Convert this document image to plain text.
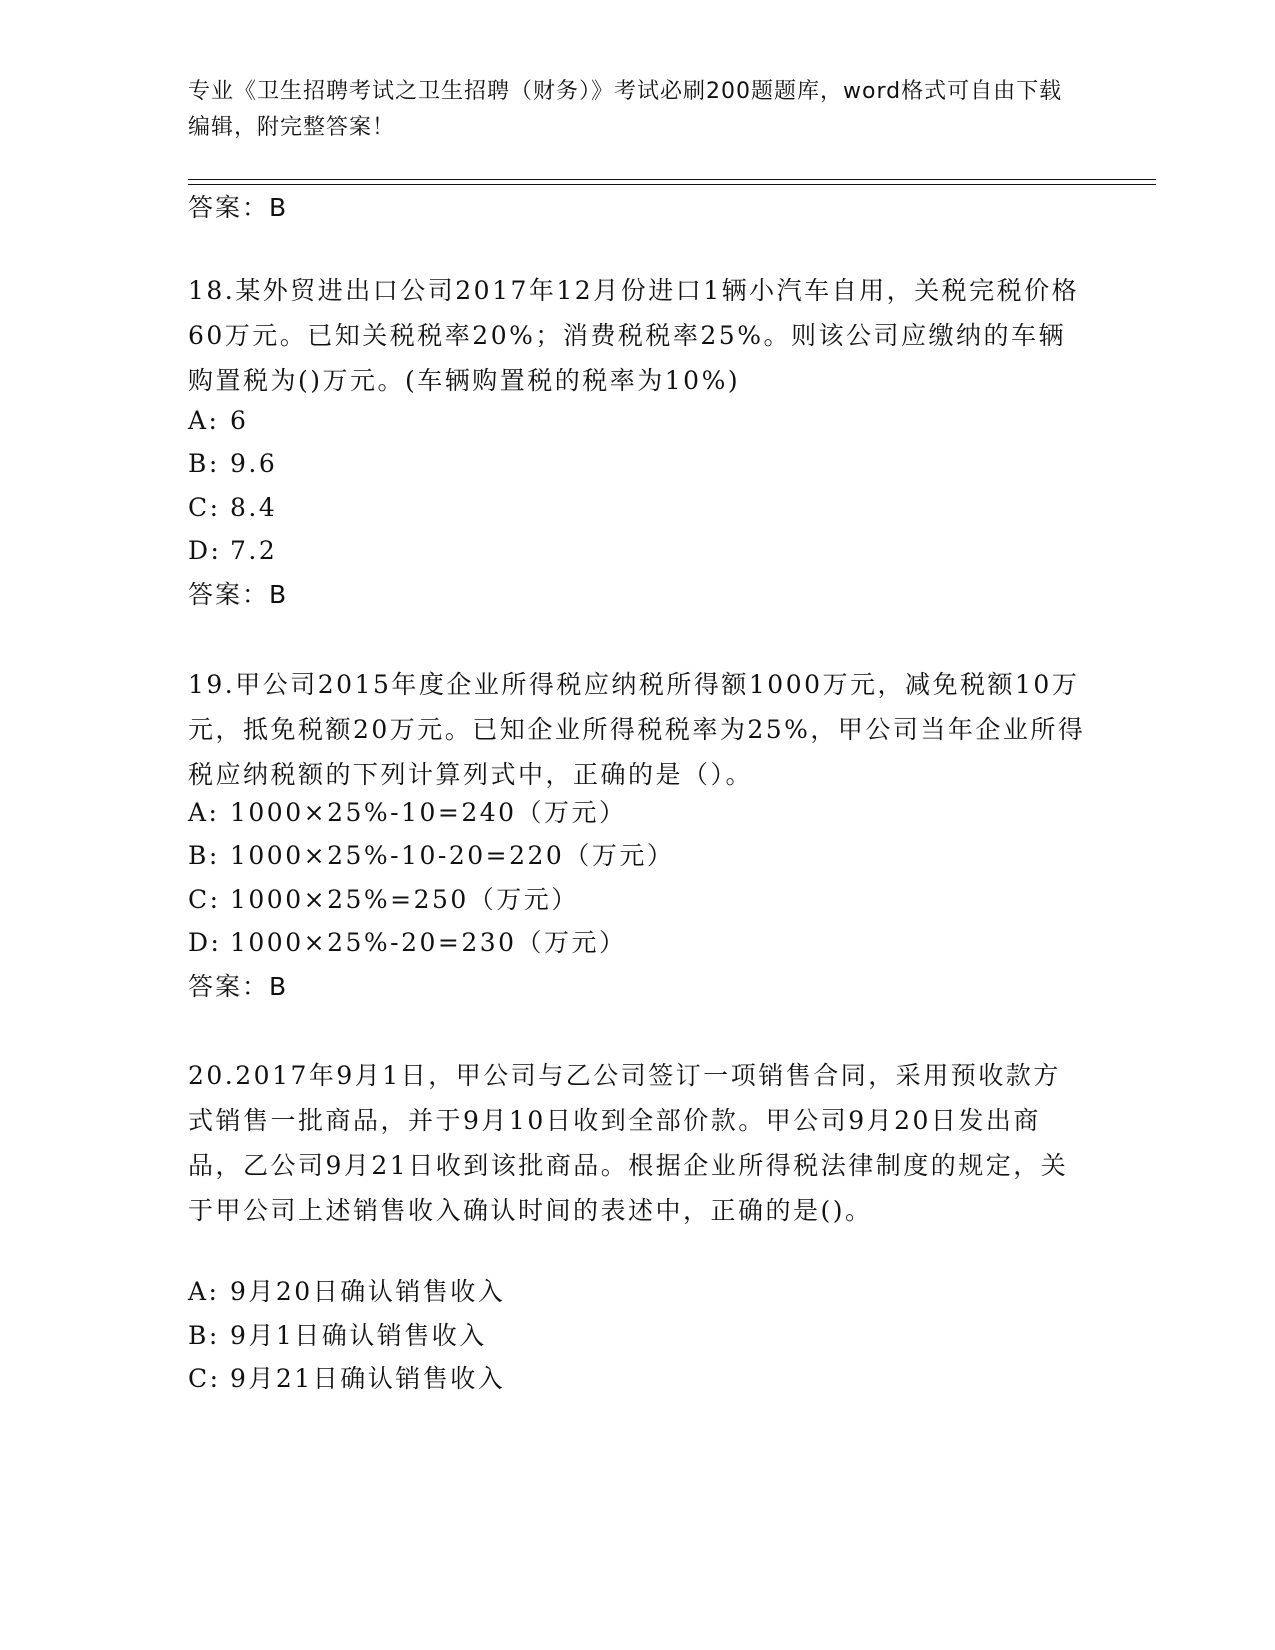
专业《卫生招聘考试之卫生招聘（财务）》考试必刷200题题库，word格式可自由下载编辑，附完整答案！
答案：B
18.某外贸进出口公司2017年12月份进口1辆小汽车自用，关税完税价格60万元。已知关税税率20%；消费税税率25%。则该公司应缴纳的车辆购置税为()万元。(车辆购置税的税率为10%)
A: 6
B: 9.6
C: 8.4
D: 7.2
答案：B
19.甲公司2015年度企业所得税应纳税所得额1000万元，减免税额10万元，抵免税额20万元。已知企业所得税税率为25%，甲公司当年企业所得税应纳税额的下列计算列式中，正确的是（）。
A: 1000×25%-10=240（万元）
B: 1000×25%-10-20=220（万元）
C: 1000×25%=250（万元）
D: 1000×25%-20=230（万元）
答案：B
20.2017年9月1日，甲公司与乙公司签订一项销售合同，采用预收款方式销售一批商品，并于9月10日收到全部价款。甲公司9月20日发出商品，乙公司9月21日收到该批商品。根据企业所得税法律制度的规定，关于甲公司上述销售收入确认时间的表述中，正确的是()。
A: 9月20日确认销售收入
B: 9月1日确认销售收入
C: 9月21日确认销售收入
